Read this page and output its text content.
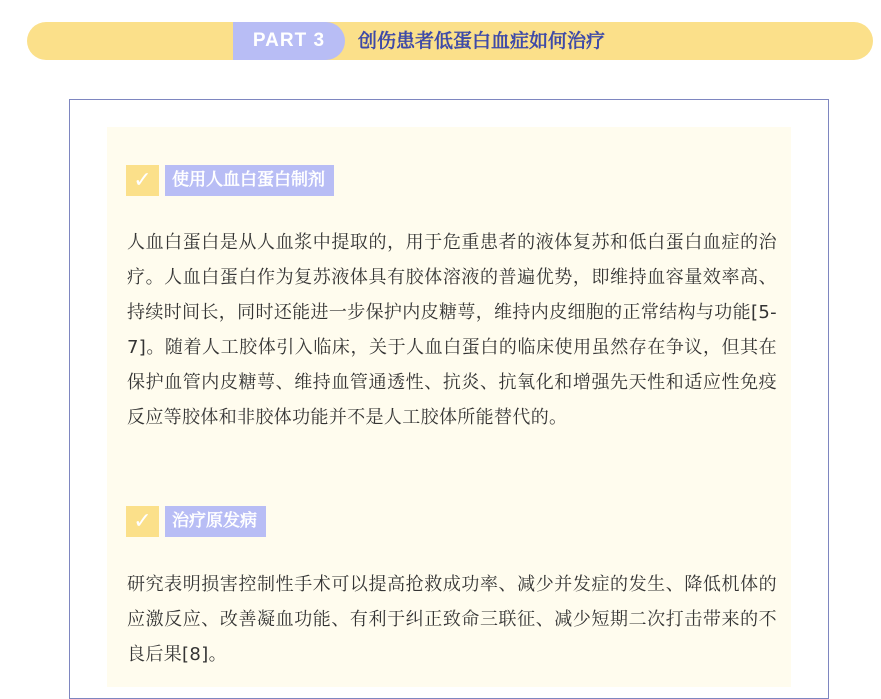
PART 3	创伤患者低蛋白血症如何治疗
✓	使用人血白蛋白制剂

人血白蛋白是从人血浆中提取的，用于危重患者的液体复苏和低白蛋白血症的治疗。人血白蛋白作为复苏液体具有胶体溶液的普遍优势，即维持血容量效率高、持续时间长，同时还能进一步保护内皮糖萼，维持内皮细胞的正常结构与功能[5-7]。随着人工胶体引入临床，关于人血白蛋白的临床使用虽然存在争议，但其在保护血管内皮糖萼、维持血管通透性、抗炎、抗氧化和增强先天性和适应性免疫反应等胶体和非胶体功能并不是人工胶体所能替代的。

✓	治疗原发病

研究表明损害控制性手术可以提高抢救成功率、减少并发症的发生、降低机体的应激反应、改善凝血功能、有利于纠正致命三联征、减少短期二次打击带来的不良后果[8]。
